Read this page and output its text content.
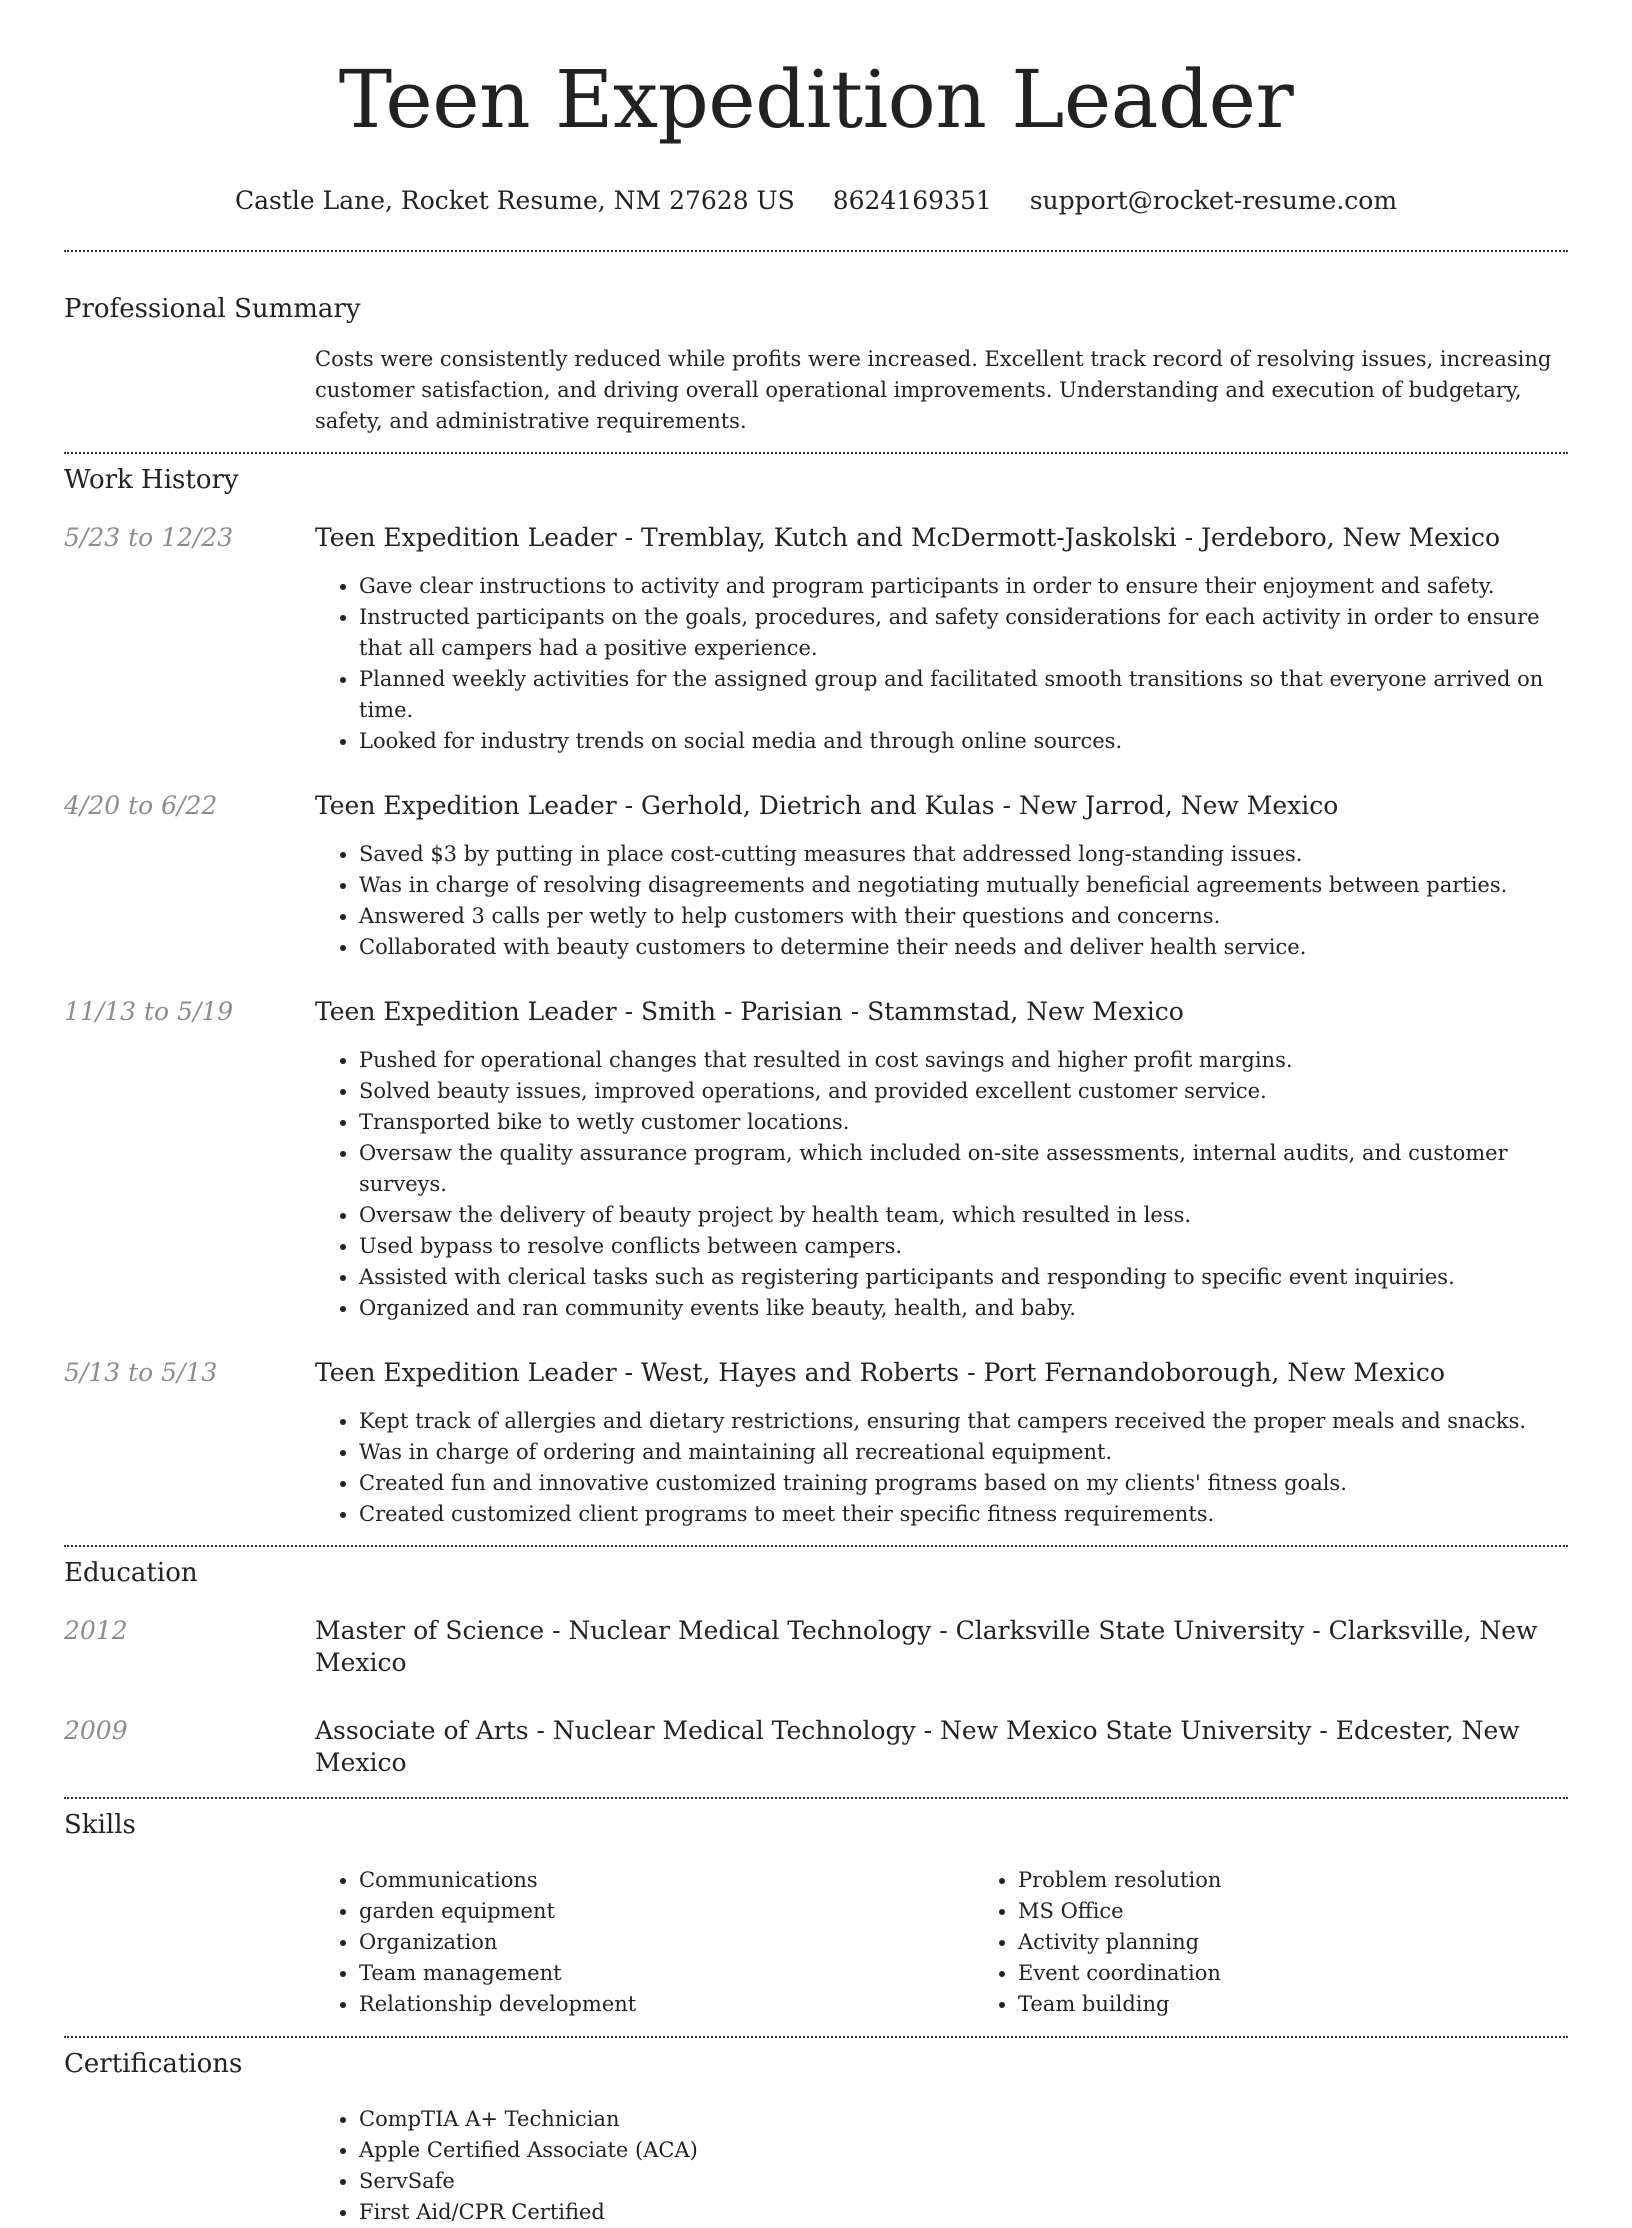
Teen Expedition Leader
Castle Lane, Rocket Resume, NM 27628 US 8624169351 support@rocket-resume.com
Professional Summary
Costs were consistently reduced while profits were increased. Excellent track record of resolving issues, increasing customer satisfaction, and driving overall operational improvements. Understanding and execution of budgetary, safety, and administrative requirements.
Work History
5/23 to 12/23	Teen Expedition Leader - Tremblay, Kutch and McDermott-Jaskolski - Jerdeboro, New Mexico
• Gave clear instructions to activity and program participants in order to ensure their enjoyment and safety.
• Instructed participants on the goals, procedures, and safety considerations for each activity in order to ensure that all campers had a positive experience.
• Planned weekly activities for the assigned group and facilitated smooth transitions so that everyone arrived on time.
• Looked for industry trends on social media and through online sources.
4/20 to 6/22	Teen Expedition Leader - Gerhold, Dietrich and Kulas - New Jarrod, New Mexico
• Saved $3 by putting in place cost-cutting measures that addressed long-standing issues.
• Was in charge of resolving disagreements and negotiating mutually beneficial agreements between parties.
• Answered 3 calls per wetly to help customers with their questions and concerns.
• Collaborated with beauty customers to determine their needs and deliver health service.
11/13 to 5/19	Teen Expedition Leader - Smith - Parisian - Stammstad, New Mexico
• Pushed for operational changes that resulted in cost savings and higher profit margins.
• Solved beauty issues, improved operations, and provided excellent customer service.
• Transported bike to wetly customer locations.
• Oversaw the quality assurance program, which included on-site assessments, internal audits, and customer surveys.
• Oversaw the delivery of beauty project by health team, which resulted in less.
• Used bypass to resolve conflicts between campers.
• Assisted with clerical tasks such as registering participants and responding to specific event inquiries.
• Organized and ran community events like beauty, health, and baby.
5/13 to 5/13	Teen Expedition Leader - West, Hayes and Roberts - Port Fernandoborough, New Mexico
• Kept track of allergies and dietary restrictions, ensuring that campers received the proper meals and snacks.
• Was in charge of ordering and maintaining all recreational equipment.
• Created fun and innovative customized training programs based on my clients' fitness goals.
• Created customized client programs to meet their specific fitness requirements.
Education
2012	Master of Science - Nuclear Medical Technology - Clarksville State University - Clarksville, New Mexico
2009	Associate of Arts - Nuclear Medical Technology - New Mexico State University - Edcester, New Mexico
Skills
• Communications
• garden equipment
• Organization
• Team management
• Relationship development
• Problem resolution
• MS Office
• Activity planning
• Event coordination
• Team building
Certifications
• CompTIA A+ Technician
• Apple Certified Associate (ACA)
• ServSafe
• First Aid/CPR Certified
